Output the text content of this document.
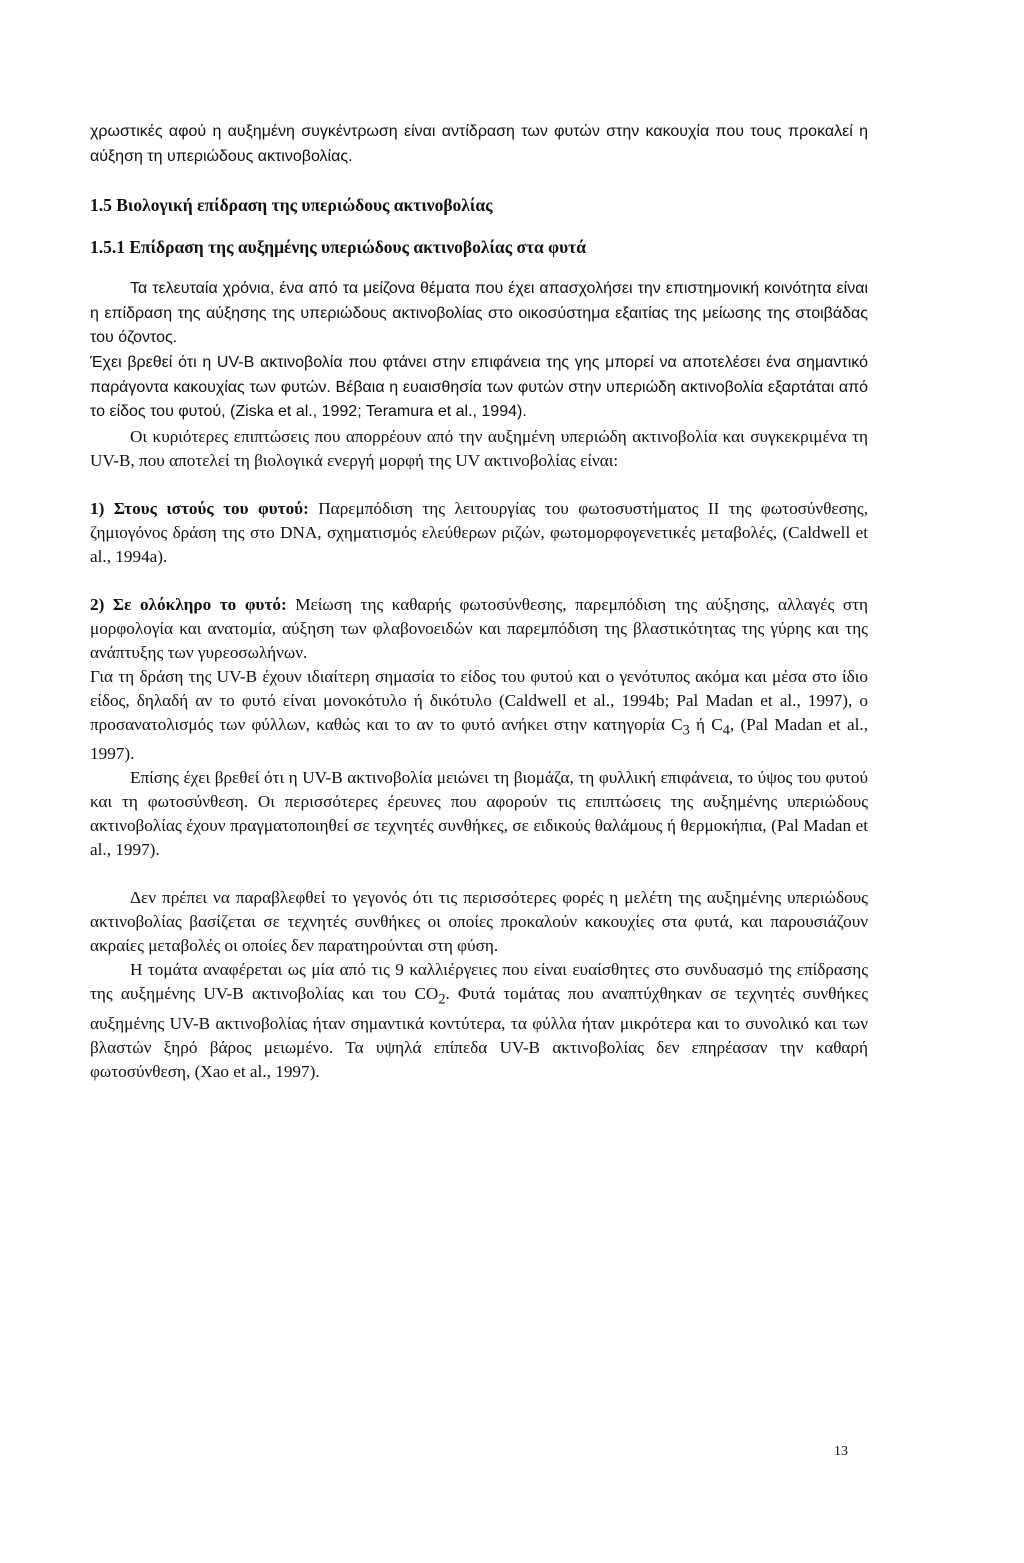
χρωστικές αφού η αυξημένη συγκέντρωση είναι αντίδραση των φυτών στην κακουχία που τους προκαλεί η αύξηση τη υπεριώδους ακτινοβολίας.

1.5 Βιολογική επίδραση της υπεριώδους ακτινοβολίας

1.5.1 Επίδραση της αυξημένης υπεριώδους ακτινοβολίας στα φυτά

Τα τελευταία χρόνια, ένα από τα μείζονα θέματα που έχει απασχολήσει την επιστημονική κοινότητα είναι η επίδραση της αύξησης της υπεριώδους ακτινοβολίας στο οικοσύστημα εξαιτίας της μείωσης της στοιβάδας του όζοντος.

Έχει βρεθεί ότι η UV-B ακτινοβολία που φτάνει στην επιφάνεια της γης μπορεί να αποτελέσει ένα σημαντικό παράγοντα κακουχίας των φυτών. Βέβαια η ευαισθησία των φυτών στην υπεριώδη ακτινοβολία εξαρτάται από το είδος του φυτού, (Ziska et al., 1992; Teramura et al., 1994).

Οι κυριότερες επιπτώσεις που απορρέουν από την αυξημένη υπεριώδη ακτινοβολία και συγκεκριμένα τη UV-B, που αποτελεί τη βιολογικά ενεργή μορφή της UV ακτινοβολίας είναι:

1) Στους ιστούς του φυτού: Παρεμπόδιση της λειτουργίας του φωτοσυστήματος II της φωτοσύνθεσης, ζημιογόνος δράση της στο DNA, σχηματισμός ελεύθερων ριζών, φωτομορφογενετικές μεταβολές, (Caldwell et al., 1994a).

2) Σε ολόκληρο το φυτό: Μείωση της καθαρής φωτοσύνθεσης, παρεμπόδιση της αύξησης, αλλαγές στη μορφολογία και ανατομία, αύξηση των φλαβονοειδών και παρεμπόδιση της βλαστικότητας της γύρης και της ανάπτυξης των γυρεοσωλήνων.

Για τη δράση της UV-B έχουν ιδιαίτερη σημασία το είδος του φυτού και ο γενότυπος ακόμα και μέσα στο ίδιο είδος, δηλαδή αν το φυτό είναι μονοκότυλο ή δικότυλο (Caldwell et al., 1994b; Pal Madan et al., 1997), ο προσανατολισμός των φύλλων, καθώς και το αν το φυτό ανήκει στην κατηγορία $C_3$ ή $C_4$, (Pal Madan et al., 1997).

Επίσης έχει βρεθεί ότι η UV-B ακτινοβολία μειώνει τη βιομάζα, τη φυλλική επιφάνεια, το ύψος του φυτού και τη φωτοσύνθεση. Οι περισσότερες έρευνες που αφορούν τις επιπτώσεις της αυξημένης υπεριώδους ακτινοβολίας έχουν πραγματοποιηθεί σε τεχνητές συνθήκες, σε ειδικούς θαλάμους ή θερμοκήπια, (Pal Madan et al., 1997).

Δεν πρέπει να παραβλεφθεί το γεγονός ότι τις περισσότερες φορές η μελέτη της αυξημένης υπεριώδους ακτινοβολίας βασίζεται σε τεχνητές συνθήκες οι οποίες προκαλούν κακουχίες στα φυτά, και παρουσιάζουν ακραίες μεταβολές οι οποίες δεν παρατηρούνται στη φύση.

Η τομάτα αναφέρεται ως μία από τις 9 καλλιέργειες που είναι ευαίσθητες στο συνδυασμό της επίδρασης της αυξημένης UV-B ακτινοβολίας και του $CO_2$. Φυτά τομάτας που αναπτύχθηκαν σε τεχνητές συνθήκες αυξημένης UV-B ακτινοβολίας ήταν σημαντικά κοντύτερα, τα φύλλα ήταν μικρότερα και το συνολικό και των βλαστών ξηρό βάρος μειωμένο. Τα υψηλά επίπεδα UV-B ακτινοβολίας δεν επηρέασαν την καθαρή φωτοσύνθεση, (Xao et al., 1997).

13
